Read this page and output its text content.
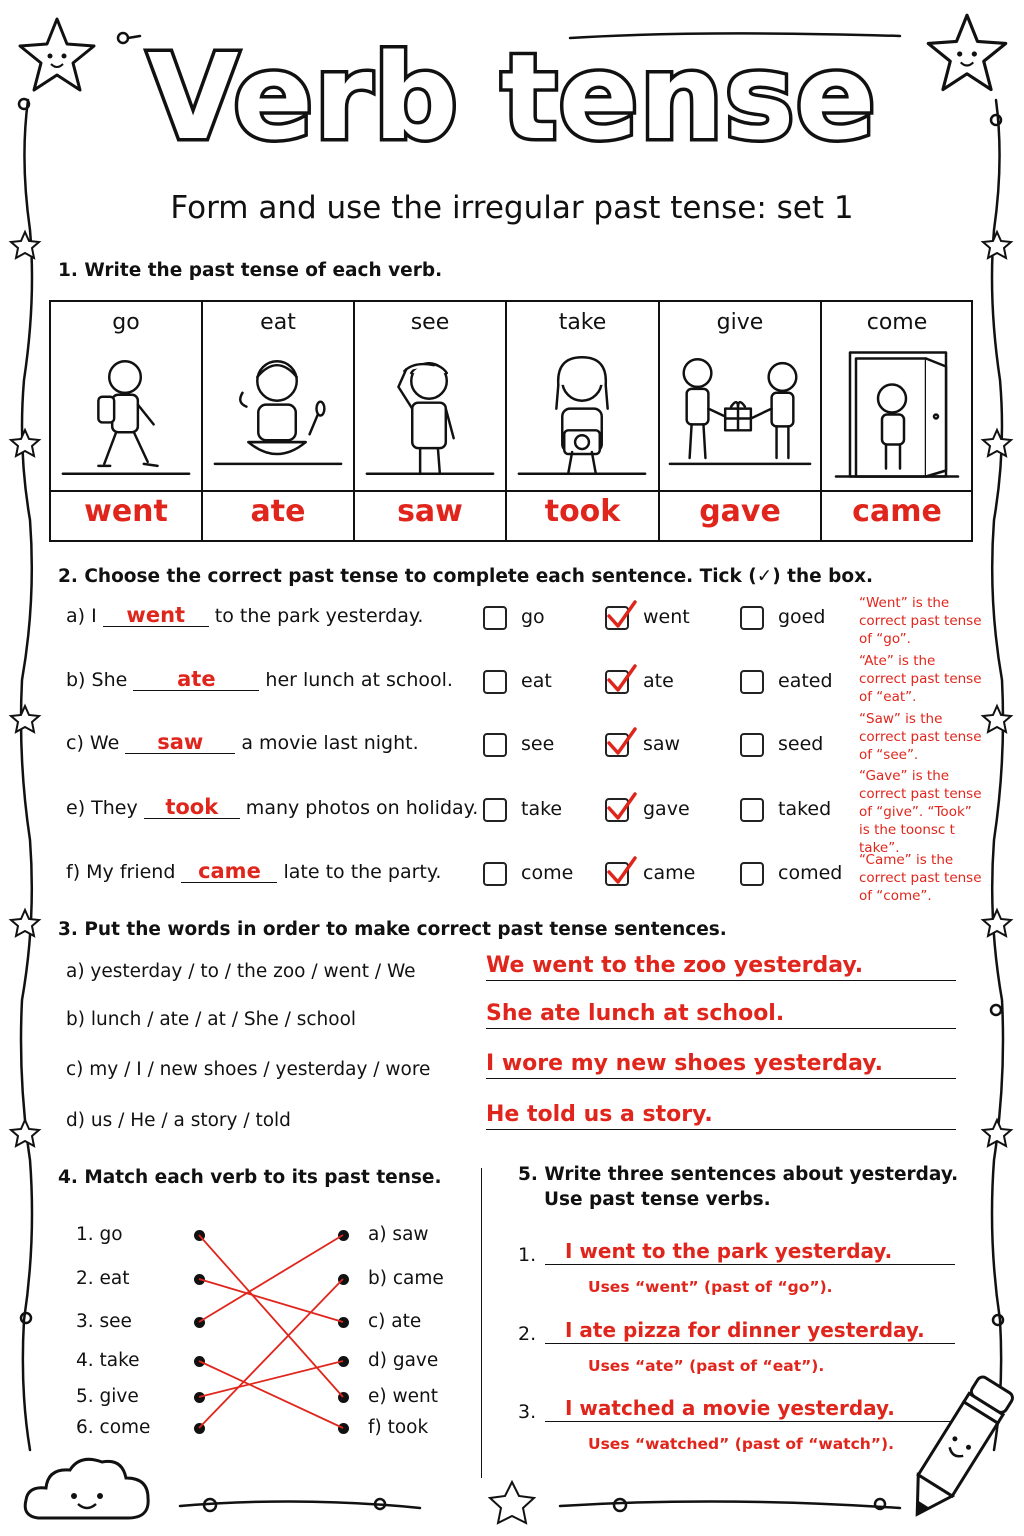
Verb tense
Form and use the irregular past tense: set 1
1. Write the past tense of each verb.
go
went
eat
ate
see
saw
take
took
give
gave
come
came
2. Choose the correct past tense to complete each sentence. Tick (✓) the box.
a) I went to the park yesterday.	go	went	goed
“Went” is the correct past tense of “go”.
b) She ate her lunch at school.	eat	ate	eated
“Ate” is the correct past tense of “eat”.
c) We saw a movie last night.	see	saw	seed
“Saw” is the correct past tense of “see”.
e) They took many photos on holiday. take	gave	taked
“Gave” is the correct past tense of “give”. “Took” is the toonsc t take”.
f) My friend came late to the party.	come	came	comed
“Came” is the correct past tense of “come”.
3. Put the words in order to make correct past tense sentences.
a) yesterday / to / the zoo / went / We	We went to the zoo yesterday.
b) lunch / ate / at / She / school	She ate lunch at school.
c) my / I / new shoes / yesterday / wore	I wore my new shoes yesterday.
d) us / He / a story / told	He told us a story.
4. Match each verb to its past tense.
1. go
2. eat
3. see
4. take
5. give
6. come
a) saw
b) came
c) ate
d) gave
e) went
f) took
5. Write three sentences about yesterday.
Use past tense verbs.
1.	I went to the park yesterday.
Uses “went” (past of “go”).
2.	I ate pizza for dinner yesterday.
Uses “ate” (past of “eat”).
3.	I watched a movie yesterday.
Uses “watched” (past of “watch”).
